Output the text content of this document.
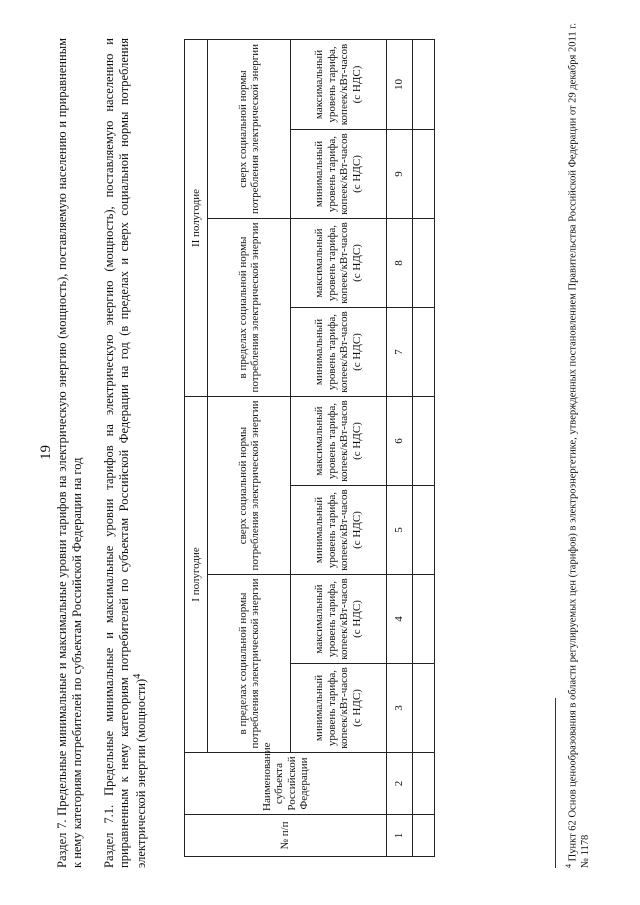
19 Раздел 7. Предельные минимальные и максимальные уровни тарифов на электрическую энергию (мощность), поставляемую населению и приравненным к нему категориям потребителей по субъектам Российской Федерации на год Раздел 7.1. Предельные минимальные и максимальные уровни тарифов на электрическую энергию (мощность), поставляемую населению и приравненным к нему категориям потребителей по субъектам Российской Федерации на год (в пределах и сверх социальной нормы потребления электрической энергии (мощности)$^4$
№ п/п	Наименование субъекта Российской Федерации	I полугодие				II полугодие			
		в пределах социальной нормы потребления электрической энергии		сверх социальной нормы потребления электрической энергии		в пределах социальной нормы потребления электрической энергии		сверх социальной нормы потребления электрической энергии	
		минимальный уровень тарифа, копеек/кВт-часов (с НДС)	максимальный уровень тарифа, копеек/кВт-часов (с НДС)	минимальный уровень тарифа, копеек/кВт-часов (с НДС)	максимальный уровень тарифа, копеек/кВт-часов (с НДС)	минимальный уровень тарифа, копеек/кВт-часов (с НДС)	максимальный уровень тарифа, копеек/кВт-часов (с НДС)	минимальный уровень тарифа, копеек/кВт-часов (с НДС)	максимальный уровень тарифа, копеек/кВт-часов (с НДС)
1	2	3	4	5	6	7	8	9	10

$^4$ Пункт 62 Основ ценообразования в области регулируемых цен (тарифов) в электроэнергетике, утвержденных постановлением Правительства Российской Федерации от 29 декабря 2011 г. № 1178
